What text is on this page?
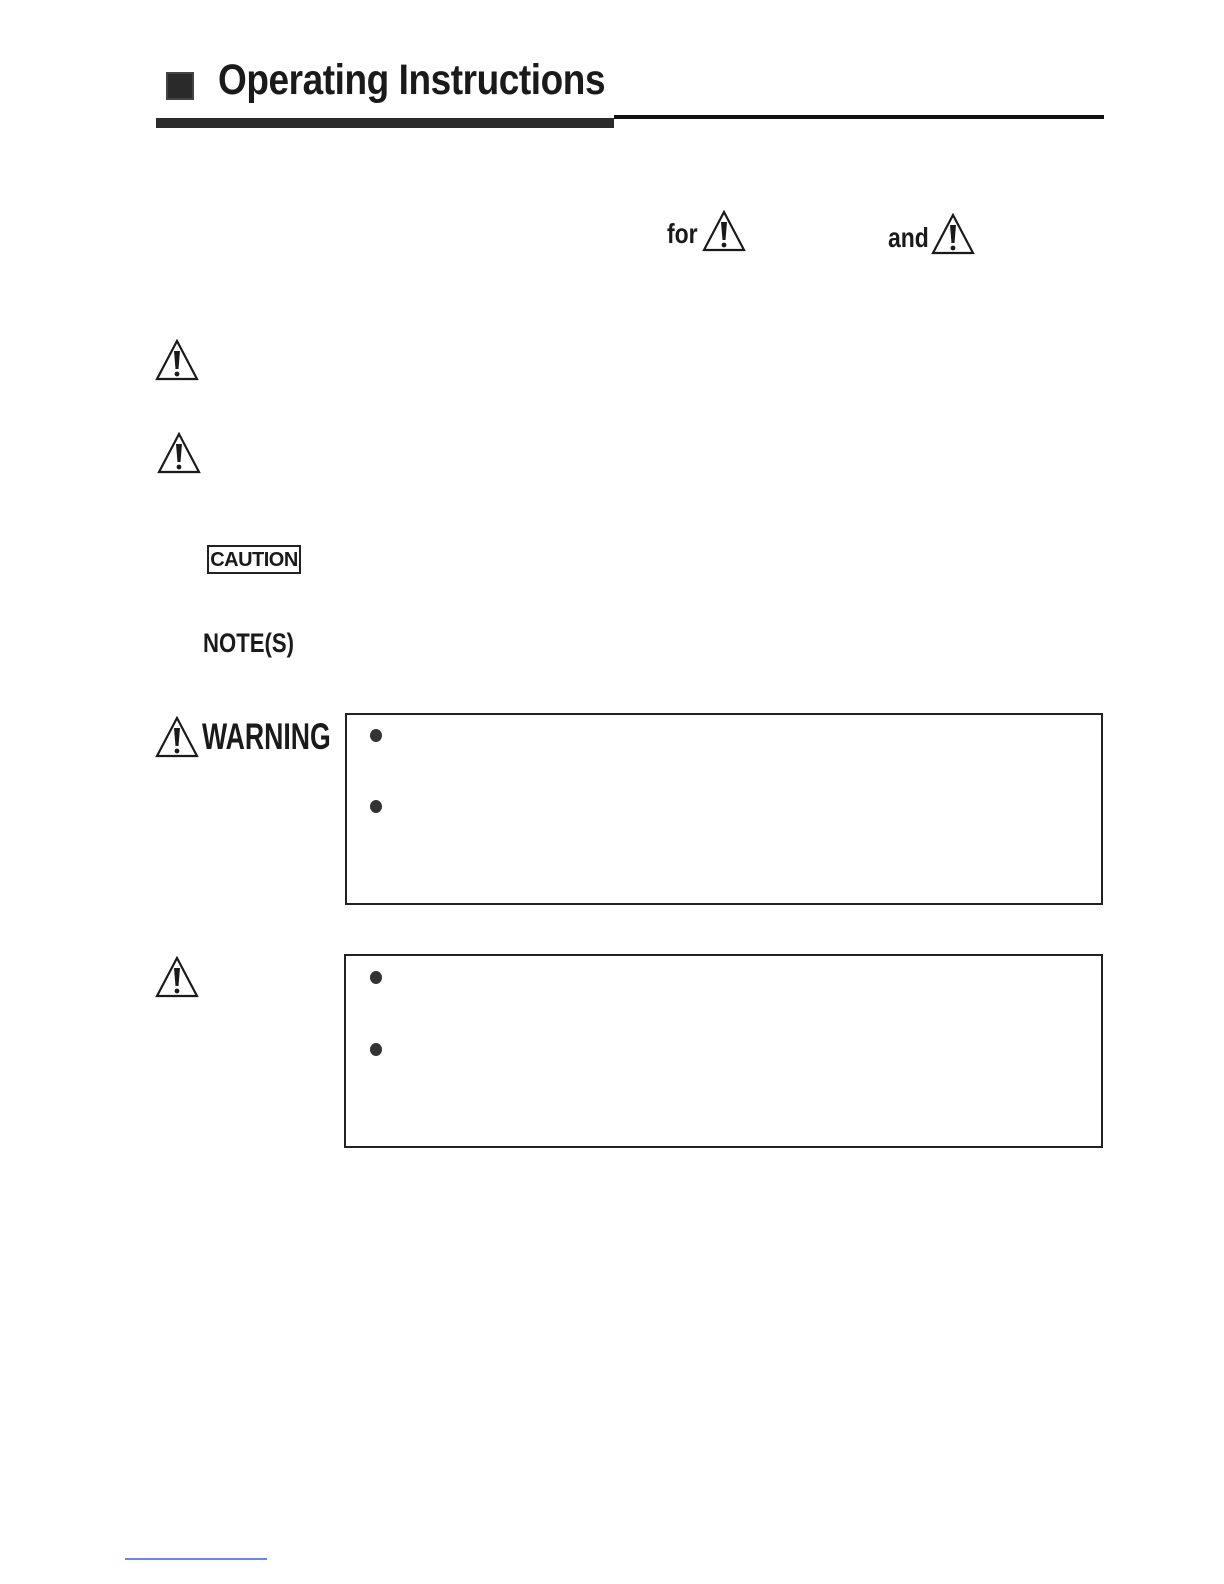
Operating Instructions
for	and
CAUTION
NOTE(S)
WARNING
